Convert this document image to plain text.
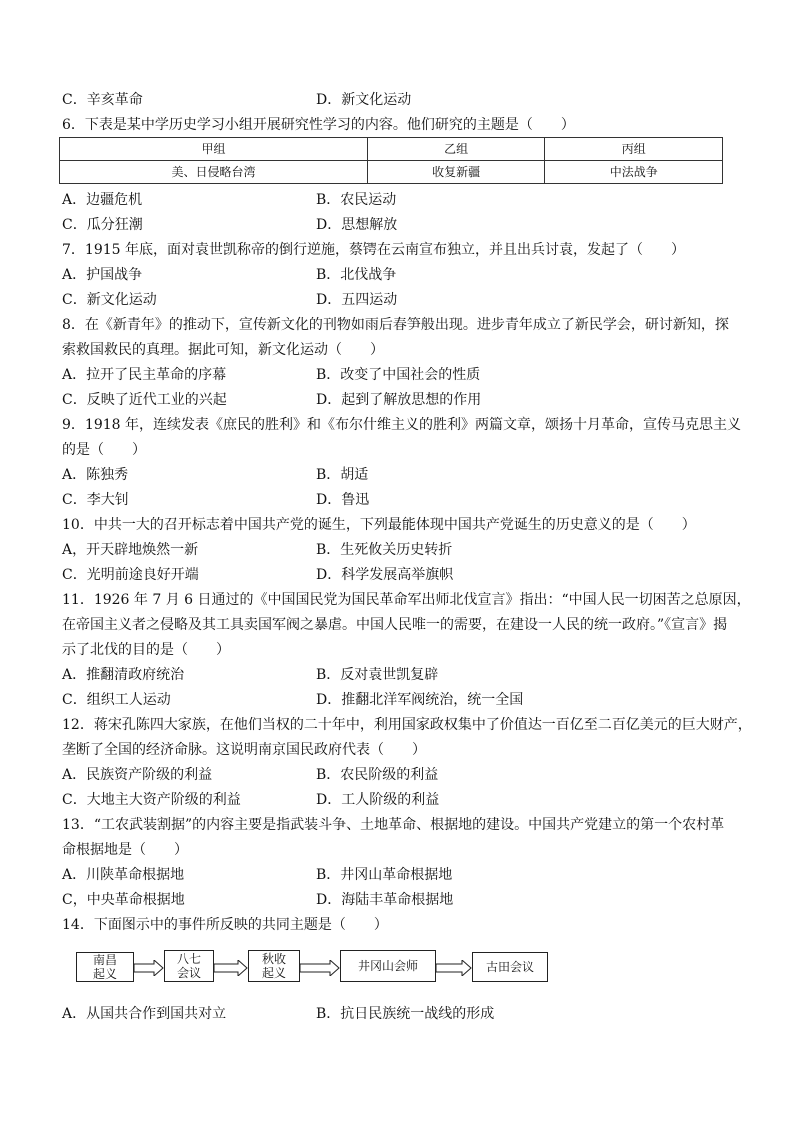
C．辛亥革命	D．新文化运动
6．下表是某中学历史学习小组开展研究性学习的内容。他们研究的主题是（　　）
甲组	乙组	丙组
美、日侵略台湾	收复新疆	中法战争
A．边疆危机	B．农民运动
C．瓜分狂潮	D．思想解放
7．1915 年底，面对袁世凯称帝的倒行逆施，蔡锷在云南宣布独立，并且出兵讨袁，发起了（　　）
A．护国战争	B．北伐战争
C．新文化运动	D．五四运动
8．在《新青年》的推动下，宣传新文化的刊物如雨后春笋般出现。进步青年成立了新民学会，研讨新知，探
索救国救民的真理。据此可知，新文化运动（　　）
A．拉开了民主革命的序幕	B．改变了中国社会的性质
C．反映了近代工业的兴起	D．起到了解放思想的作用
9．1918 年，连续发表《庶民的胜利》和《布尔什维主义的胜利》两篇文章，颂扬十月革命，宣传马克思主义
的是（　　）
A．陈独秀	B．胡适
C．李大钊	D．鲁迅
10．中共一大的召开标志着中国共产党的诞生，下列最能体现中国共产党诞生的历史意义的是（　　）
A，开天辟地焕然一新	B．生死攸关历史转折
C．光明前途良好开端	D．科学发展高举旗帜
11．1926 年 7 月 6 日通过的《中国国民党为国民革命军出师北伐宣言》指出：“中国人民一切困苦之总原因，
在帝国主义者之侵略及其工具卖国军阀之暴虐。中国人民唯一的需要，在建设一人民的统一政府。”《宣言》揭
示了北伐的目的是（　　）
A．推翻清政府统治	B．反对袁世凯复辟
C．组织工人运动	D．推翻北洋军阀统治，统一全国
12．蒋宋孔陈四大家族，在他们当权的二十年中，利用国家政权集中了价值达一百亿至二百亿美元的巨大财产，
垄断了全国的经济命脉。这说明南京国民政府代表（　　）
A．民族资产阶级的利益	B．农民阶级的利益
C．大地主大资产阶级的利益	D．工人阶级的利益
13．“工农武装割据”的内容主要是指武装斗争、土地革命、根据地的建设。中国共产党建立的第一个农村革
命根据地是（　　）
A．川陕革命根据地	B．井冈山革命根据地
C，中央革命根据地	D．海陆丰革命根据地
14．下面图示中的事件所反映的共同主题是（　　）
南昌
起义
八七
会议
秋收
起义	井冈山会师	古田会议
A．从国共合作到国共对立	B．抗日民族统一战线的形成
